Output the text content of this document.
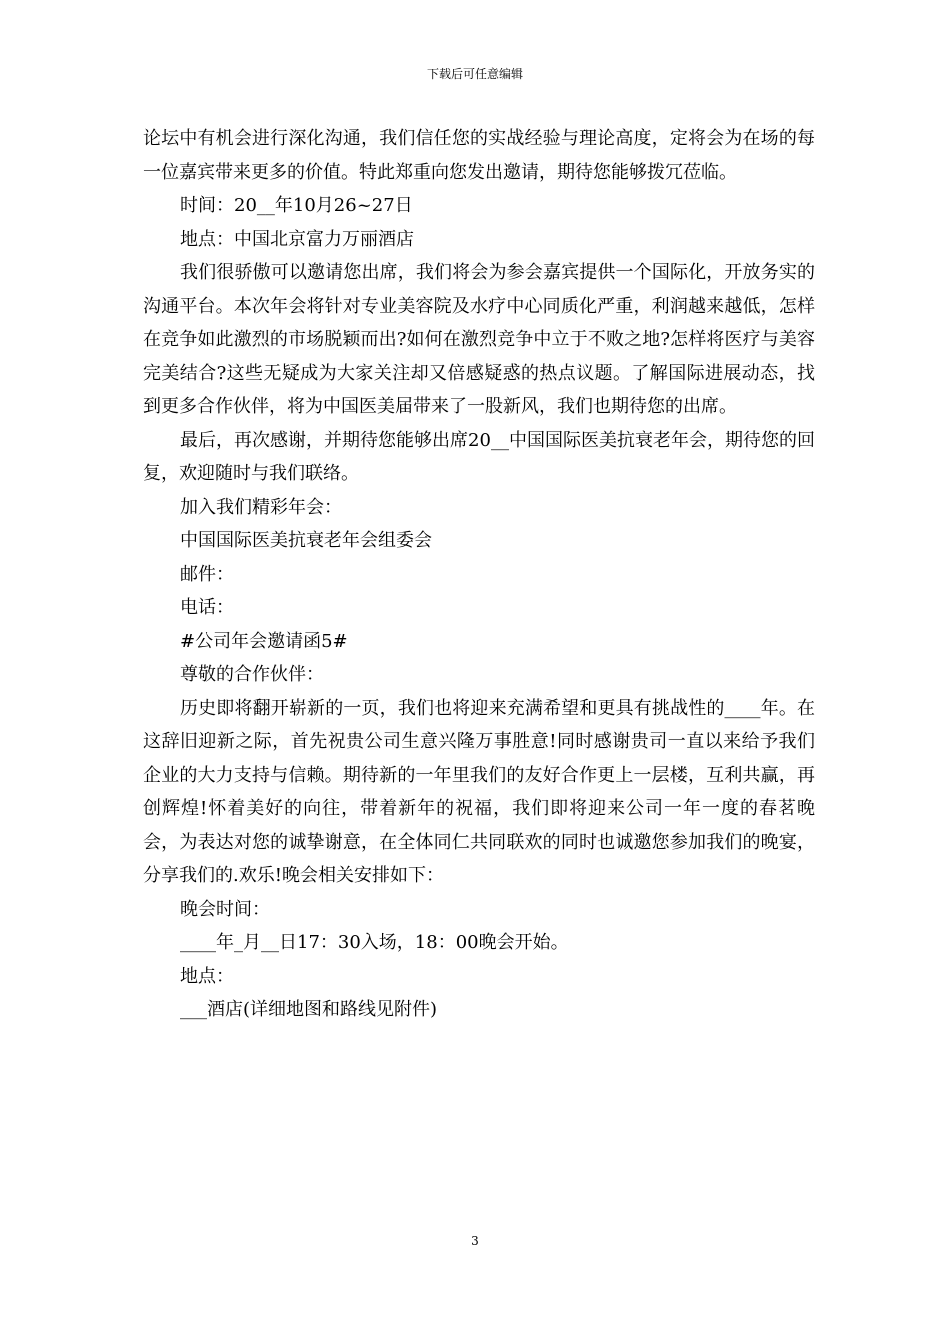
下载后可任意编辑

论坛中有机会进行深化沟通，我们信任您的实战经验与理论高度，定将会为在场的每一位嘉宾带来更多的价值。特此郑重向您发出邀请，期待您能够拨冗莅临。

时间：20__年10月26~27日

地点：中国北京富力万丽酒店

我们很骄傲可以邀请您出席，我们将会为参会嘉宾提供一个国际化，开放务实的沟通平台。本次年会将针对专业美容院及水疗中心同质化严重，利润越来越低，怎样在竞争如此激烈的市场脱颖而出?如何在激烈竞争中立于不败之地?怎样将医疗与美容完美结合?这些无疑成为大家关注却又倍感疑惑的热点议题。了解国际进展动态，找到更多合作伙伴，将为中国医美届带来了一股新风，我们也期待您的出席。

最后，再次感谢，并期待您能够出席20__中国国际医美抗衰老年会，期待您的回复，欢迎随时与我们联络。

加入我们精彩年会：

中国国际医美抗衰老年会组委会

邮件：

电话：

#公司年会邀请函5#

尊敬的合作伙伴：

历史即将翻开崭新的一页，我们也将迎来充满希望和更具有挑战性的____年。在这辞旧迎新之际，首先祝贵公司生意兴隆万事胜意!同时感谢贵司一直以来给予我们企业的大力支持与信赖。期待新的一年里我们的友好合作更上一层楼，互利共赢，再创辉煌!怀着美好的向往，带着新年的祝福，我们即将迎来公司一年一度的春茗晚会，为表达对您的诚挚谢意，在全体同仁共同联欢的同时也诚邀您参加我们的晚宴，分享我们的.欢乐!晚会相关安排如下：

晚会时间：

____年_月__日17：30入场，18：00晚会开始。

地点：

___酒店(详细地图和路线见附件)

3
